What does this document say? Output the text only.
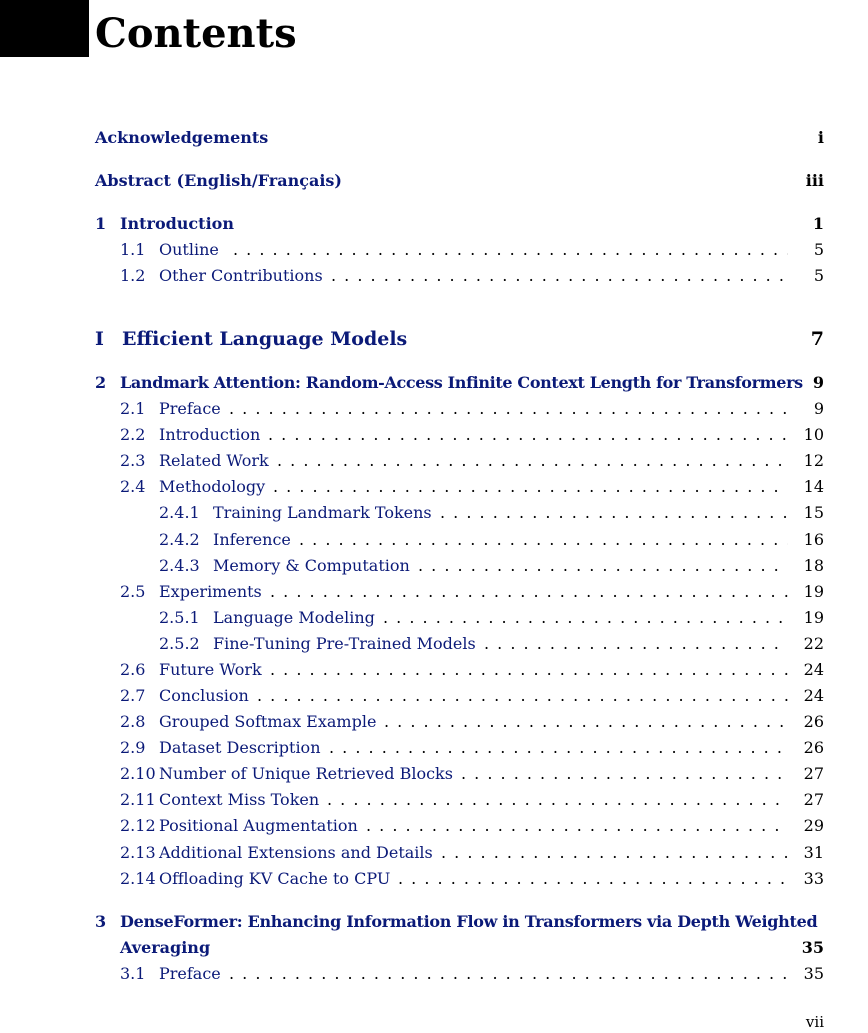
Contents
Acknowledgements	i
Abstract (English/Français)	iii
1 Introduction	1
1.1 Outline . . .	5
1.2 Other Contributions . . .	5
I Efficient Language Models	7
2 Landmark Attention: Random-Access Infinite Context Length for Transformers 9
2.1 Preface . . .	9
2.2 Introduction . . .	10
2.3 Related Work . . .	12
2.4 Methodology . . .	14
2.4.1 Training Landmark Tokens . . .	15
2.4.2 Inference . . .	16
2.4.3 Memory & Computation . . .	18
2.5 Experiments . . .	19
2.5.1 Language Modeling . . .	19
2.5.2 Fine-Tuning Pre-Trained Models . . .	22
2.6 Future Work . . .	24
2.7 Conclusion . . .	24
2.8 Grouped Softmax Example . . .	26
2.9 Dataset Description . . .	26
2.10 Number of Unique Retrieved Blocks . . .	27
2.11 Context Miss Token . . .	27
2.12 Positional Augmentation . . .	29
2.13 Additional Extensions and Details . . .	31
2.14 Offloading KV Cache to CPU . . .	33
3 DenseFormer: Enhancing Information Flow in Transformers via Depth Weighted
Averaging	35
3.1 Preface . . .	35
vii
